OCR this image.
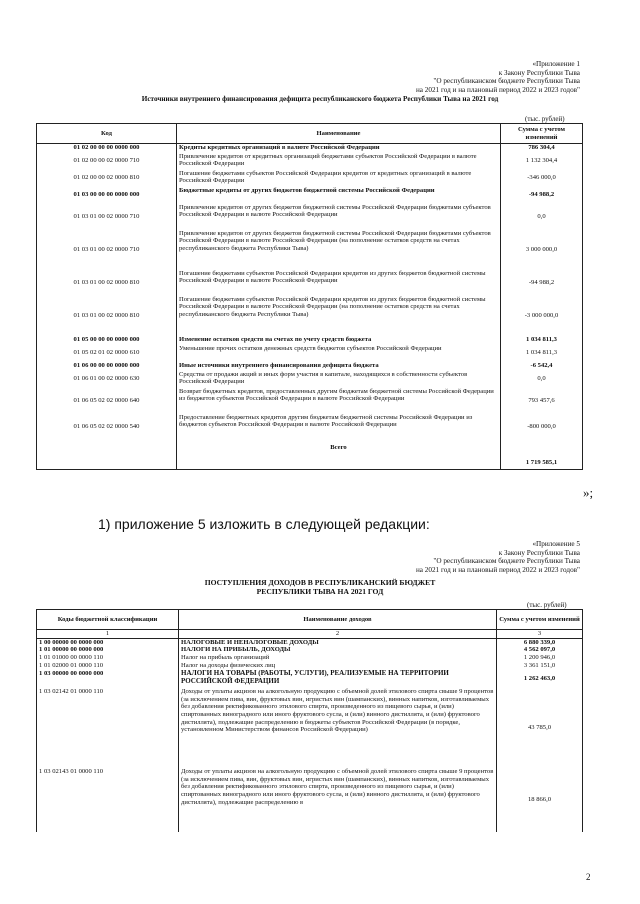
«Приложение 1
к Закону Республики Тыва
"О республиканском бюджете Республики Тыва
на 2021 год и на плановый период 2022 и 2023 годов"
Источники внутреннего финансирования дефицита республиканского бюджета Республики Тыва на 2021 год
(тыс. рублей)
Код	Наименование	Сумма с учетом изменений
01 02 00 00 00 0000 000	Кредиты кредитных организаций в валюте Российской Федерации	786 304,4
01 02 00 00 02 0000 710	Привлечение кредитов от кредитных организаций бюджетами субъектов Российской Федерации в валюте Российской Федерации	1 132 304,4
01 02 00 00 02 0000 810	Погашение бюджетами субъектов Российской Федерации кредитов от кредитных организаций в валюте Российской Федерации	-346 000,0
01 03 00 00 00 0000 000	Бюджетные кредиты от других бюджетов бюджетной системы Российской Федерации	-94 988,2
01 03 01 00 02 0000 710	Привлечение кредитов от других бюджетов бюджетной системы Российской Федерации бюджетами субъектов Российской Федерации в валюте Российской Федерации	0,0
01 03 01 00 02 0000 710	Привлечение кредитов от других бюджетов бюджетной системы Российской Федерации бюджетами субъектов Российской Федерации в валюте Российской Федерации (на пополнение остатков средств на счетах республиканского бюджета Республики Тыва)	3 000 000,0
01 03 01 00 02 0000 810	Погашение бюджетами субъектов Российской Федерации кредитов из других бюджетов бюджетной системы Российской Федерации в валюте Российской Федерации	-94 988,2
01 03 01 00 02 0000 810	Погашение бюджетами субъектов Российской Федерации кредитов из других бюджетов бюджетной системы Российской Федерации в валюте Российской Федерации (на пополнение остатков средств на счетах республиканского бюджета Республики Тыва)	-3 000 000,0
01 05 00 00 00 0000 000	Изменение остатков средств на счетах по учету средств бюджета	1 034 811,3
01 05 02 01 02 0000 610	Уменьшение прочих остатков денежных средств бюджетов субъектов Российской Федерации	1 034 811,3
01 06 00 00 00 0000 000	Иные источники внутреннего финансирования дефицита бюджета	-6 542,4
01 06 01 00 02 0000 630	Средства от продажи акций и иных форм участия в капитале, находящихся в собственности субъектов Российской Федерации	0,0
01 06 05 02 02 0000 640	Возврат бюджетных кредитов, предоставленных другим бюджетам бюджетной системы Российской Федерации из бюджетов субъектов Российской Федерации в валюте Российской Федерации	793 457,6
01 06 05 02 02 0000 540	Предоставление бюджетных кредитов другим бюджетам бюджетной системы Российской Федерации из бюджетов субъектов Российской Федерации в валюте Российской Федерации	-800 000,0
	Всего	1 719 585,1
»;
1) приложение 5 изложить в следующей редакции:
«Приложение 5
к Закону Республики Тыва
"О республиканском бюджете Республики Тыва
на 2021 год и на плановый период 2022 и 2023 годов"
ПОСТУПЛЕНИЯ ДОХОДОВ В РЕСПУБЛИКАНСКИЙ БЮДЖЕТ
РЕСПУБЛИКИ ТЫВА НА 2021 ГОД
(тыс. рублей)
Коды бюджетной классификации	Наименование доходов	Сумма с учетом изменений
1	2	3
1 00 00000 00 0000 000	НАЛОГОВЫЕ И НЕНАЛОГОВЫЕ ДОХОДЫ	6 880 339,0
1 01 00000 00 0000 000	НАЛОГИ НА ПРИБЫЛЬ, ДОХОДЫ	4 562 097,0
1 01 01000 00 0000 110	Налог на прибыль организаций	1 200 946,0
1 01 02000 01 0000 110	Налог на доходы физических лиц	3 361 151,0
1 03 00000 00 0000 000	НАЛОГИ НА ТОВАРЫ (РАБОТЫ, УСЛУГИ), РЕАЛИЗУЕМЫЕ НА ТЕРРИТОРИИ РОССИЙСКОЙ ФЕДЕРАЦИИ	1 262 463,0
1 03 02142 01 0000 110	Доходы от уплаты акцизов на алкогольную продукцию с объемной долей этилового спирта свыше 9 процентов (за исключением пива, вин, фруктовых вин, игристых вин (шампанских), винных напитков, изготавливаемых без добавления ректификованного этилового спирта, произведенного из пищевого сырья, и (или) спиртованных виноградного или иного фруктового сусла, и (или) винного дистиллята, и (или) фруктового дистиллята), подлежащие распределению в бюджеты субъектов Российской Федерации (в порядке, установленном Министерством финансов Российской Федерации)	43 785,0
1 03 02143 01 0000 110	Доходы от уплаты акцизов на алкогольную продукцию с объемной долей этилового спирта свыше 9 процентов (за исключением пива, вин, фруктовых вин, игристых вин (шампанских), винных напитков, изготавливаемых без добавления ректификованного этилового спирта, произведенного из пищевого сырья, и (или) спиртованных виноградного или иного фруктового сусла, и (или) винного дистиллята, и (или) фруктового дистиллята), подлежащие распределению в	18 866,0
2
